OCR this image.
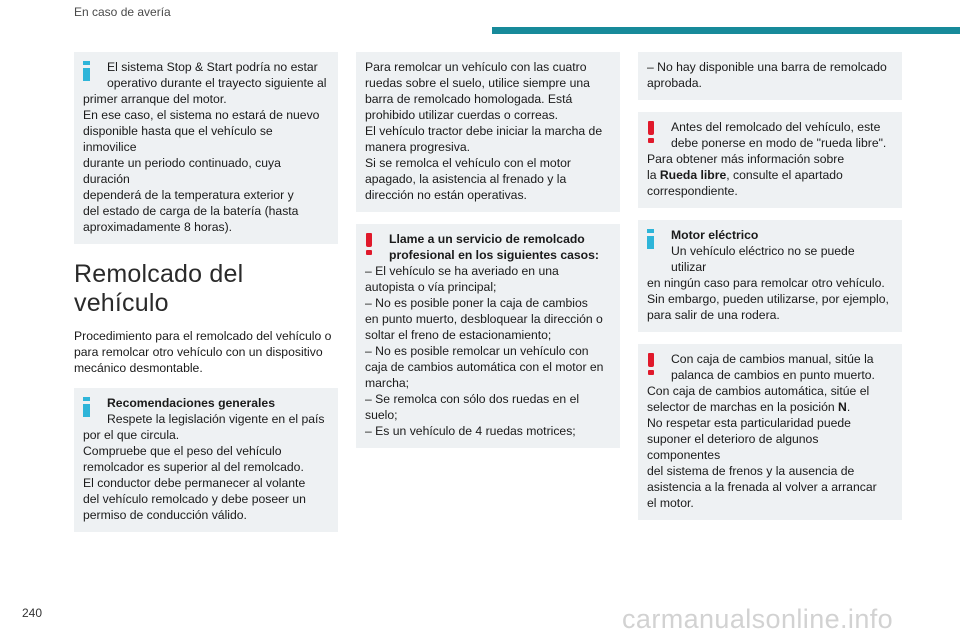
En caso de avería

El sistema Stop & Start podría no estar
operativo durante el trayecto siguiente al

primer arranque del motor.
En ese caso, el sistema no estará de nuevo
disponible hasta que el vehículo se inmovilice
durante un periodo continuado, cuya duración
dependerá de la temperatura exterior y
del estado de carga de la batería (hasta
aproximadamente 8 horas).

Remolcado del vehículo

Procedimiento para el remolcado del vehículo o
para remolcar otro vehículo con un dispositivo
mecánico desmontable.

Recomendaciones generales

Respete la legislación vigente en el país

por el que circula.
Compruebe que el peso del vehículo
remolcador es superior al del remolcado.
El conductor debe permanecer al volante
del vehículo remolcado y debe poseer un
permiso de conducción válido.

Para remolcar un vehículo con las cuatro
ruedas sobre el suelo, utilice siempre una
barra de remolcado homologada. Está
prohibido utilizar cuerdas o correas.
El vehículo tractor debe iniciar la marcha de
manera progresiva.
Si se remolca el vehículo con el motor
apagado, la asistencia al frenado y la
dirección no están operativas.

Llame a un servicio de remolcado
profesional en los siguientes casos:

– El vehículo se ha averiado en una
autopista o vía principal;
– No es posible poner la caja de cambios
en punto muerto, desbloquear la dirección o
soltar el freno de estacionamiento;
– No es posible remolcar un vehículo con
caja de cambios automática con el motor en
marcha;
– Se remolca con sólo dos ruedas en el
suelo;
– Es un vehículo de 4 ruedas motrices;

– No hay disponible una barra de remolcado
aprobada.

Antes del remolcado del vehículo, este
debe ponerse en modo de "rueda libre".

Para obtener más información sobre
la Rueda libre, consulte el apartado
correspondiente.

Motor eléctrico

Un vehículo eléctrico no se puede utilizar

en ningún caso para remolcar otro vehículo.
Sin embargo, pueden utilizarse, por ejemplo,
para salir de una rodera.

Con caja de cambios manual, sitúe la
palanca de cambios en punto muerto.

Con caja de cambios automática, sitúe el
selector de marchas en la posición N.
No respetar esta particularidad puede
suponer el deterioro de algunos componentes
del sistema de frenos y la ausencia de
asistencia a la frenada al volver a arrancar
el motor.

240	carmanualsonline.info
